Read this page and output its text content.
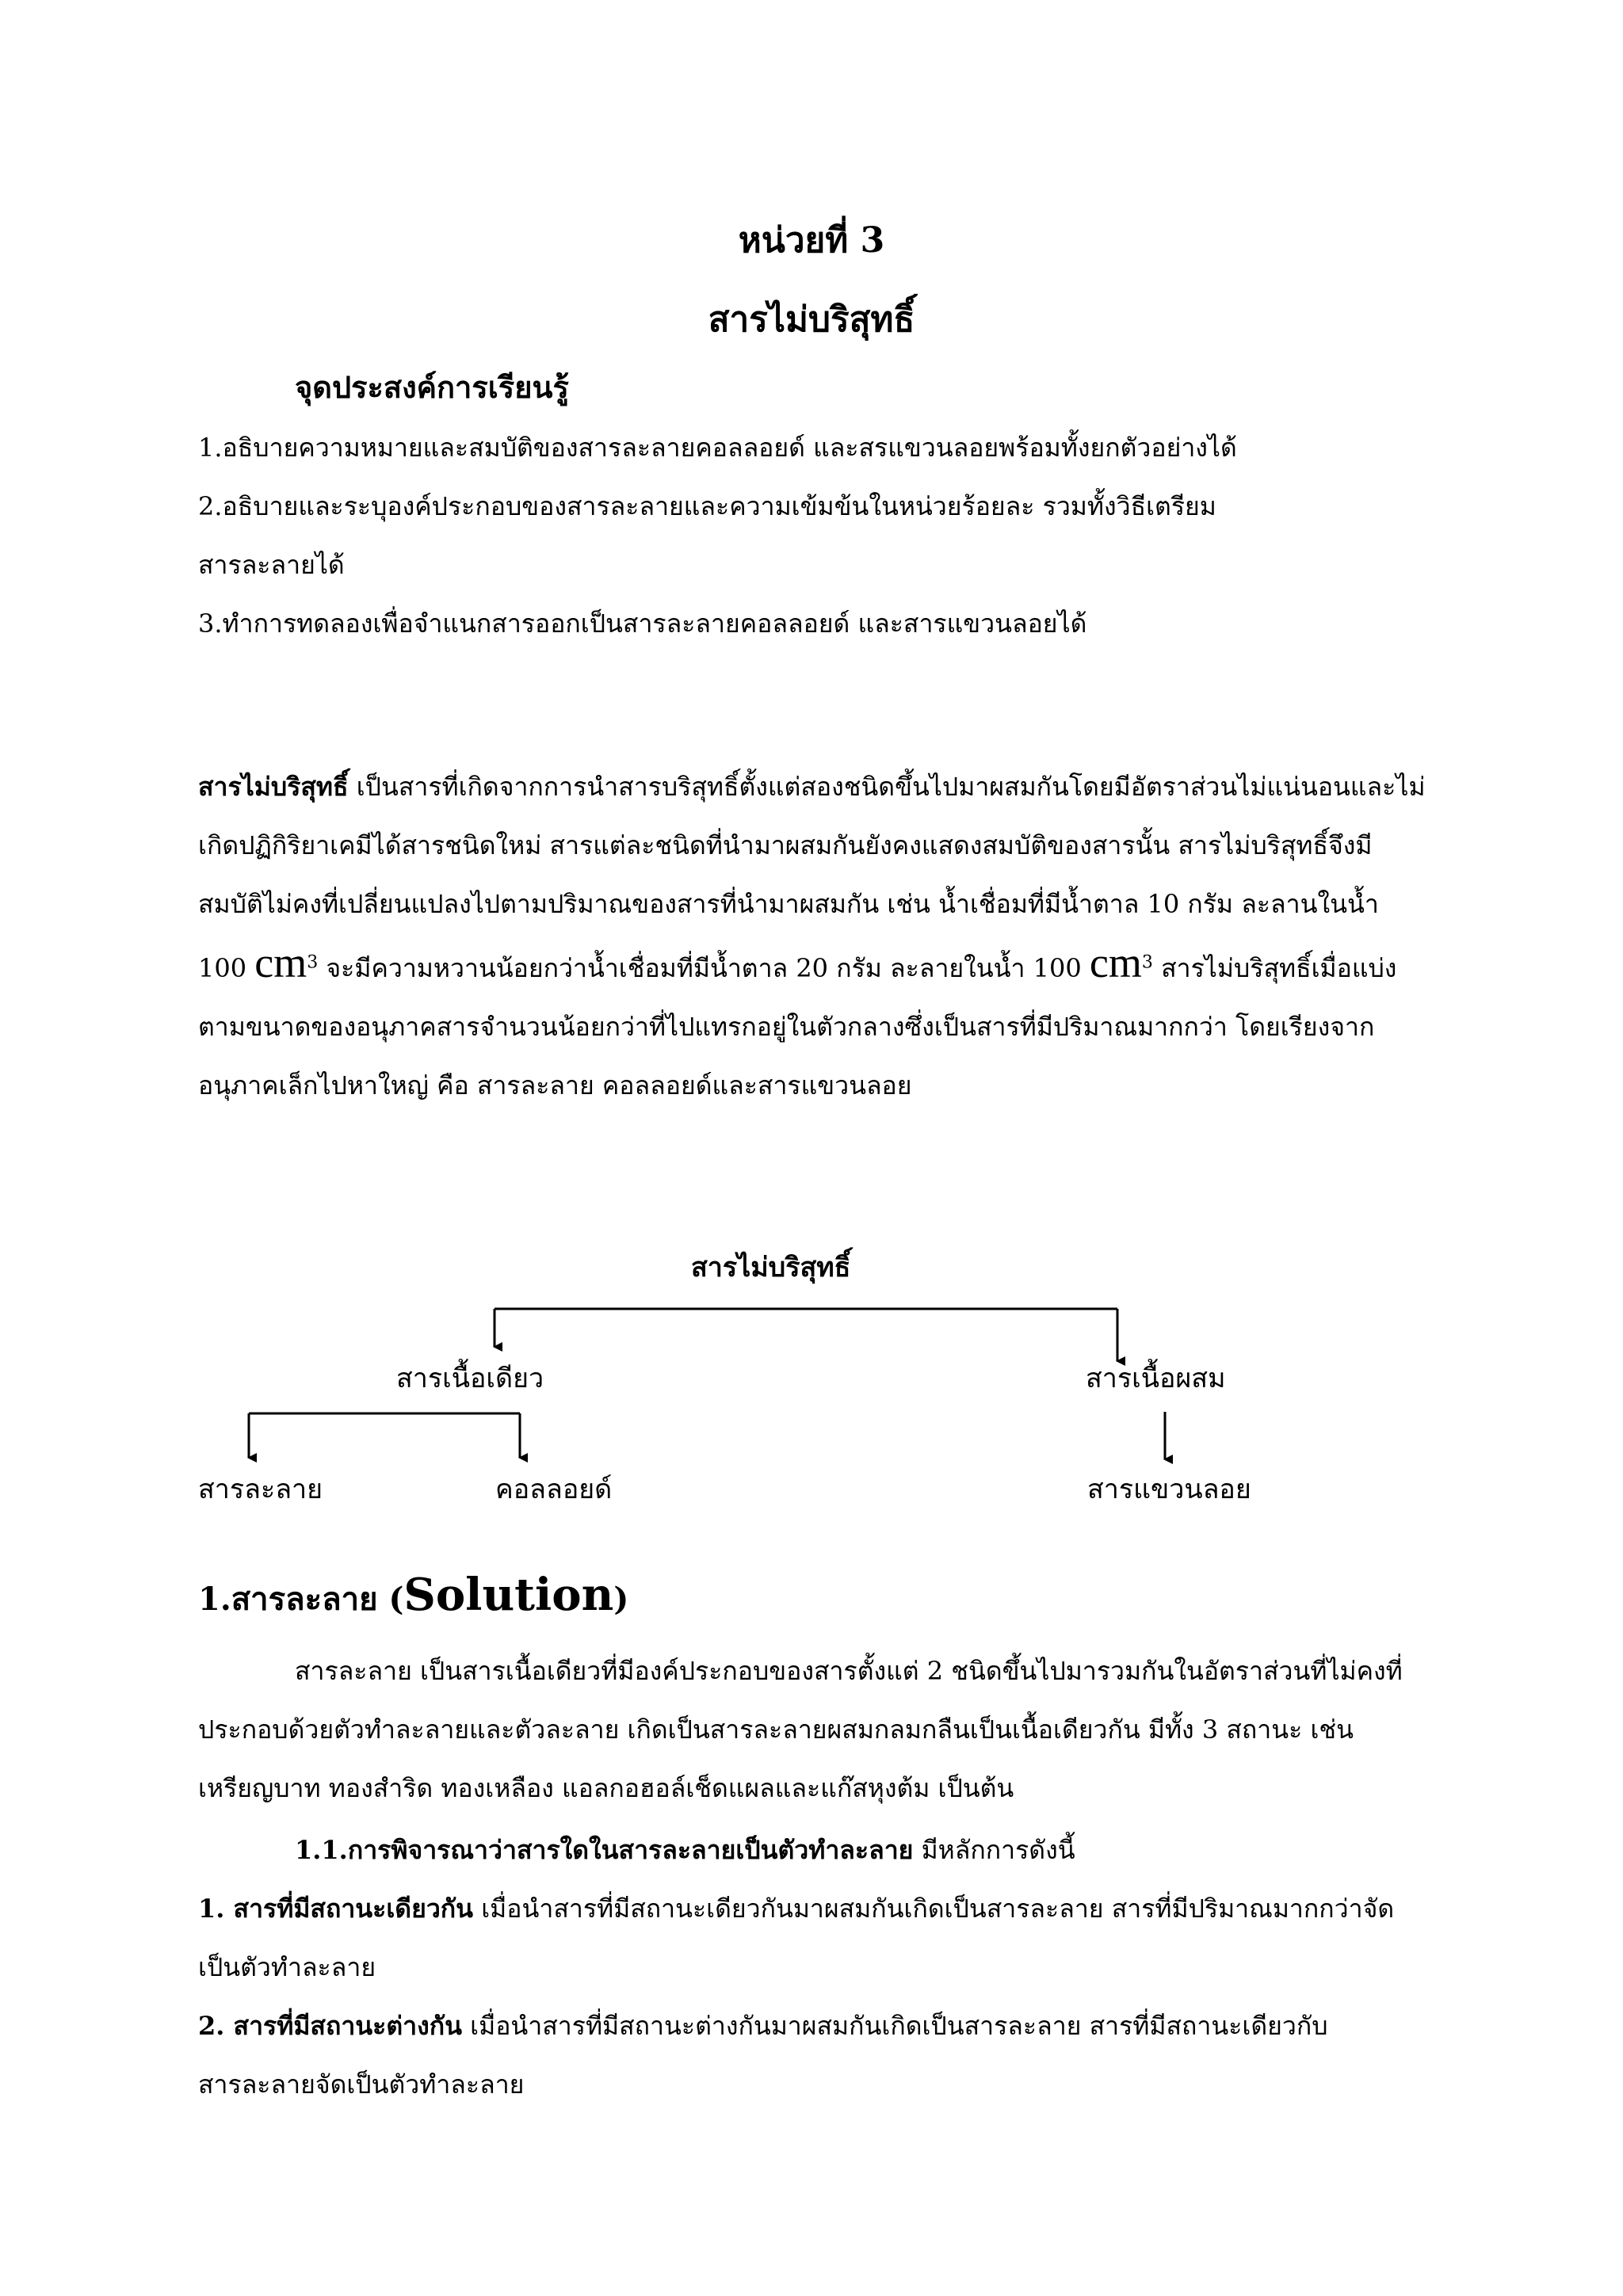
หน่วยที่ 3
สารไม่บริสุทธิ์
จุดประสงค์การเรียนรู้
1.อธิบายความหมายและสมบัติของสารละลายคอลลอยด์ และสรแขวนลอยพร้อมทั้งยกตัวอย่างได้
2.อธิบายและระบุองค์ประกอบของสารละลายและความเข้มข้นในหน่วยร้อยละ รวมทั้งวิธีเตรียม
สารละลายได้
3.ทำการทดลองเพื่อจำแนกสารออกเป็นสารละลายคอลลอยด์ และสารแขวนลอยได้
สารไม่บริสุทธิ์ เป็นสารที่เกิดจากการนำสารบริสุทธิ์ตั้งแต่สองชนิดขึ้นไปมาผสมกันโดยมีอัตราส่วนไม่แน่นอนและไม่เกิดปฏิกิริยาเคมีได้สารชนิดใหม่ สารแต่ละชนิดที่นำมาผสมกันยังคงแสดงสมบัติของสารนั้น สารไม่บริสุทธิ์จึงมีสมบัติไม่คงที่เปลี่ยนแปลงไปตามปริมาณของสารที่นำมาผสมกัน เช่น น้ำเชื่อมที่มีน้ำตาล 10 กรัม ละลานในน้ำ 100 $cm^3$ จะมีความหวานน้อยกว่าน้ำเชื่อมที่มีน้ำตาล 20 กรัม ละลายในน้ำ 100 $cm^3$ สารไม่บริสุทธิ์เมื่อแบ่งตามขนาดของอนุภาคสารจำนวนน้อยกว่าที่ไปแทรกอยู่ในตัวกลางซึ่งเป็นสารที่มีปริมาณมากกว่า โดยเรียงจากอนุภาคเล็กไปหาใหญ่ คือ สารละลาย คอลลอยด์และสารแขวนลอย
สารไม่บริสุทธิ์
สารเนื้อเดียว	สารเนื้อผสม
สารละลาย	คอลลอยด์	สารแขวนลอย
1.สารละลาย (Solution)
สารละลาย เป็นสารเนื้อเดียวที่มีองค์ประกอบของสารตั้งแต่ 2 ชนิดขึ้นไปมารวมกันในอัตราส่วนที่ไม่คงที่ ประกอบด้วยตัวทำละลายและตัวละลาย เกิดเป็นสารละลายผสมกลมกลืนเป็นเนื้อเดียวกัน มีทั้ง 3 สถานะ เช่น เหรียญบาท ทองสำริด ทองเหลือง แอลกอฮอล์เช็ดแผลและแก๊สหุงต้ม เป็นต้น
1.1.การพิจารณาว่าสารใดในสารละลายเป็นตัวทำละลาย มีหลักการดังนี้
1. สารที่มีสถานะเดียวกัน เมื่อนำสารที่มีสถานะเดียวกันมาผสมกันเกิดเป็นสารละลาย สารที่มีปริมาณมากกว่าจัดเป็นตัวทำละลาย
2. สารที่มีสถานะต่างกัน เมื่อนำสารที่มีสถานะต่างกันมาผสมกันเกิดเป็นสารละลาย สารที่มีสถานะเดียวกับสารละลายจัดเป็นตัวทำละลาย
